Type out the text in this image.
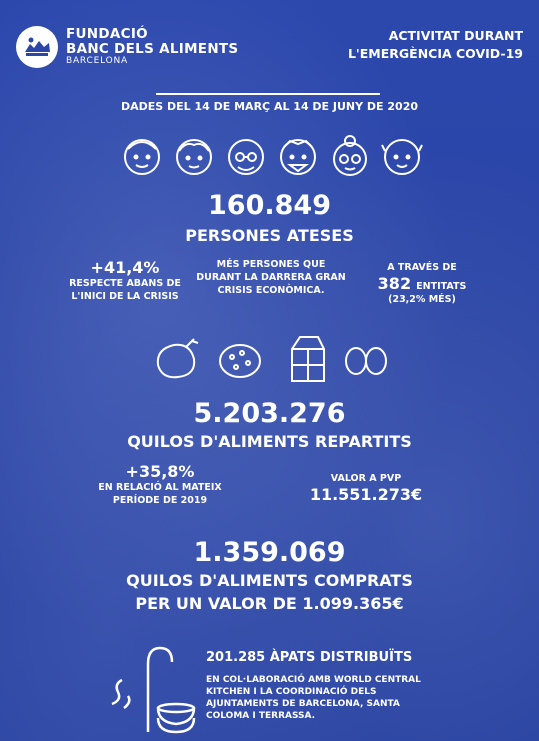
FUNDACIÓ
BANC DELS ALIMENTS
BARCELONA
ACTIVITAT DURANT
L'EMERGÈNCIA COVID-19
DADES DEL 14 DE MARÇ AL 14 DE JUNY DE 2020
160.849
PERSONES ATESES
+41,4%
RESPECTE ABANS DE L'INICI DE LA CRISIS
MÉS PERSONES QUE DURANT LA DARRERA GRAN CRISIS ECONÒMICA.
A TRAVÉS DE
382 ENTITATS
(23,2% MÉS)
5.203.276
QUILOS D'ALIMENTS REPARTITS
+35,8%
EN RELACIÓ AL MATEIX PERÍODE DE 2019
VALOR A PVP
11.551.273€
1.359.069
QUILOS D'ALIMENTS COMPRATS
PER UN VALOR DE 1.099.365€
201.285 ÀPATS DISTRIBUÏTS
EN COL·LABORACIÓ AMB WORLD CENTRAL KITCHEN I LA COORDINACIÓ DELS AJUNTAMENTS DE BARCELONA, SANTA COLOMA I TERRASSA.
